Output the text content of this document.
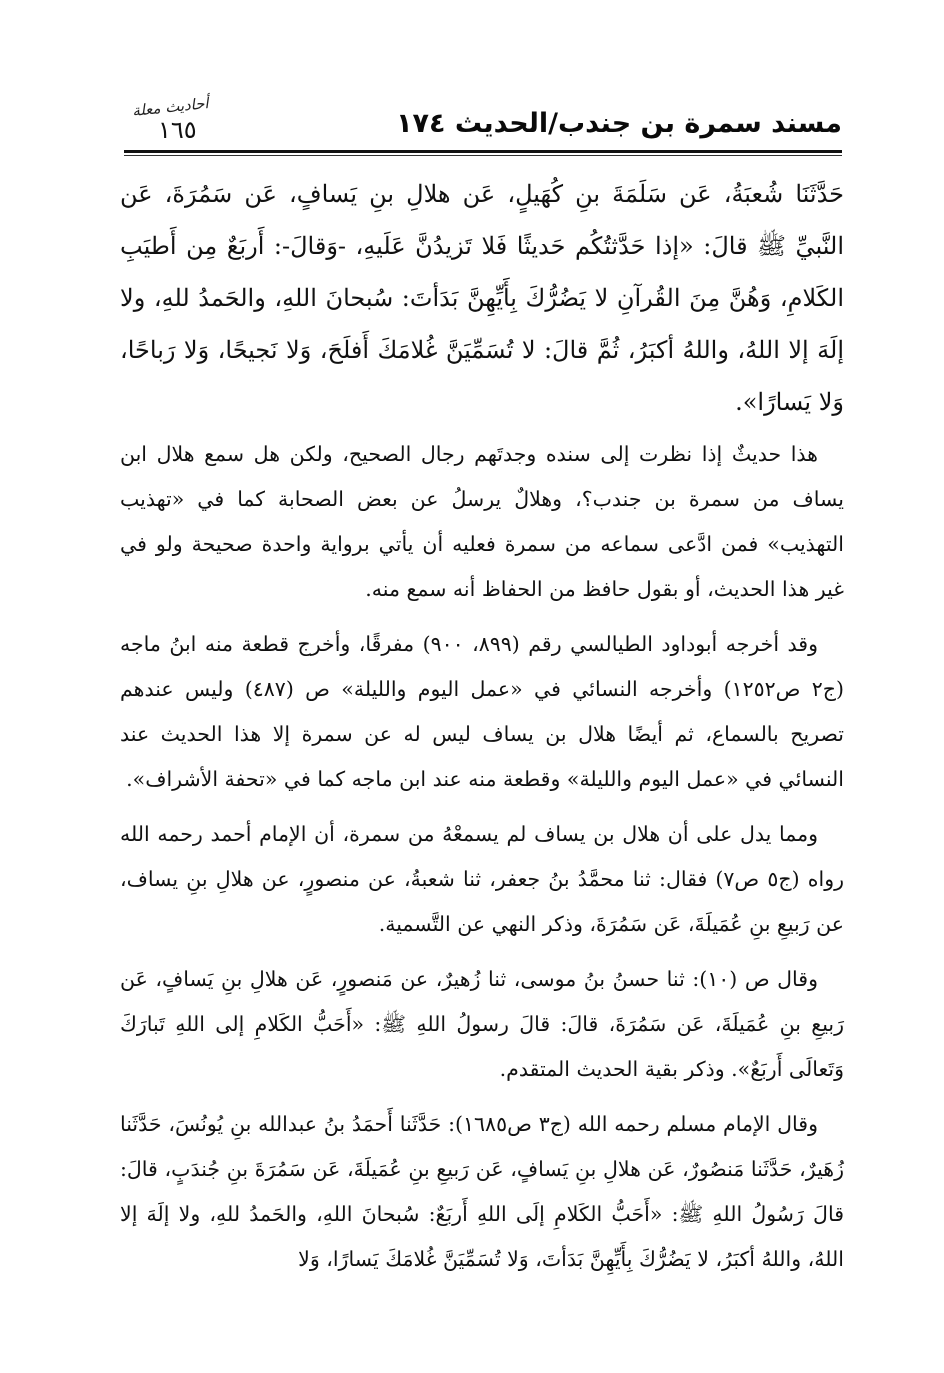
مسند سمرة بن جندب/الحديث ١٧٤
أحاديث معلة
١٦٥

حَدَّثَنَا شُعبَةُ، عَن سَلَمَةَ بنِ كُهَيلٍ، عَن هلالِ بنِ يَسافٍ، عَن سَمُرَةَ، عَن النَّبيِّ ﷺ قالَ: «إذا حَدَّثتُكُم حَديثًا فَلا تَزيدُنَّ عَلَيهِ، -وَقالَ-: أَربَعٌ مِن أَطيَبِ الكَلامِ، وَهُنَّ مِنَ القُرآنِ لا يَضُرُّكَ بِأَيِّهِنَّ بَدَأتَ: سُبحانَ اللهِ، والحَمدُ للهِ، ولا إلَهَ إلا اللهُ، واللهُ أكبَرُ، ثُمَّ قالَ: لا تُسَمِّيَنَّ غُلامَكَ أَفلَحَ، وَلا نَجيحًا، وَلا رَباحًا، وَلا يَسارًا».

هذا حديثٌ إذا نظرت إلى سنده وجدتَهم رجال الصحيح، ولكن هل سمع هلال ابن يساف من سمرة بن جندب؟، وهلالٌ يرسلُ عن بعض الصحابة كما في «تهذيب التهذيب» فمن ادَّعى سماعه من سمرة فعليه أن يأتي برواية واحدة صحيحة ولو في غير هذا الحديث، أو بقول حافظ من الحفاظ أنه سمع منه.

وقد أخرجه أبوداود الطيالسي رقم (٨٩٩، ٩٠٠) مفرقًا، وأخرج قطعة منه ابنُ ماجه (ج٢ ص١٢٥٢) وأخرجه النسائي في «عمل اليوم والليلة» ص (٤٨٧) وليس عندهم تصريح بالسماع، ثم أيضًا هلال بن يساف ليس له عن سمرة إلا هذا الحديث عند النسائي في «عمل اليوم والليلة» وقطعة منه عند ابن ماجه كما في «تحفة الأشراف».

ومما يدل على أن هلال بن يساف لم يسمعْهُ من سمرة، أن الإمام أحمد رحمه الله رواه (ج٥ ص٧) فقال: ثنا محمَّدُ بنُ جعفر، ثنا شعبةُ، عن منصورٍ، عن هلالِ بنِ يساف، عن رَبيعِ بنِ عُمَيلَةَ، عَن سَمُرَةَ، وذكر النهي عن التَّسمية.

وقال ص (١٠): ثنا حسنُ بنُ موسى، ثنا زُهيرٌ، عن مَنصورٍ، عَن هلالِ بنِ يَسافٍ، عَن رَبيعِ بنِ عُمَيلَةَ، عَن سَمُرَةَ، قالَ: قالَ رسولُ اللهِ ﷺ: «أَحَبُّ الكَلامِ إلى اللهِ تَبارَكَ وَتَعالَى أَربَعٌ». وذكر بقية الحديث المتقدم.

وقال الإمام مسلم رحمه الله (ج٣ ص١٦٨٥): حَدَّثَنا أَحمَدُ بنُ عبدالله بنِ يُونُسَ، حَدَّثَنا زُهَيرٌ، حَدَّثَنا مَنصُورٌ، عَن هلالِ بنِ يَسافٍ، عَن رَبيعِ بنِ عُمَيلَةَ، عَن سَمُرَةَ بنِ جُندَبٍ، قالَ: قالَ رَسُولُ اللهِ ﷺ: «أَحَبُّ الكَلامِ إلَى اللهِ أَربَعٌ: سُبحانَ اللهِ، والحَمدُ للهِ، ولا إلَهَ إلا اللهُ، واللهُ أكبَرُ، لا يَضُرُّكَ بِأَيِّهِنَّ بَدَأتَ، وَلا تُسَمِّيَنَّ غُلامَكَ يَسارًا، وَلا
